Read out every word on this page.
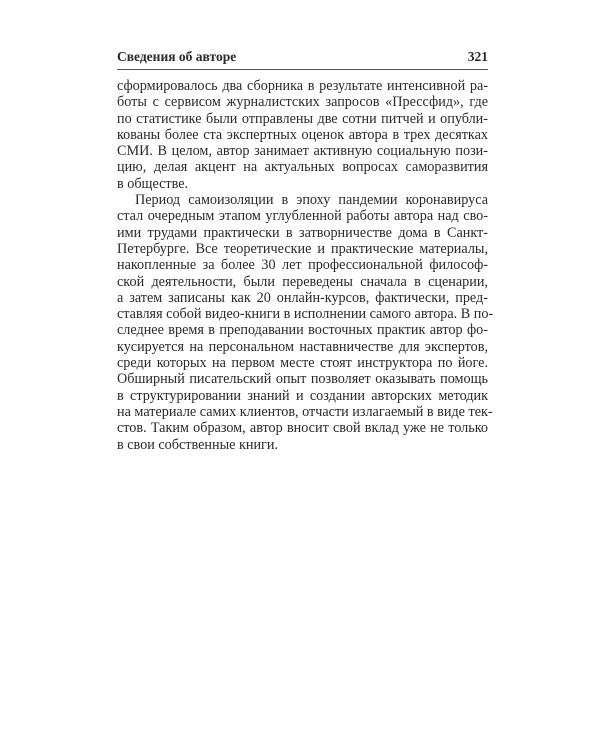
Сведения об авторе	321
сформировалось два сборника в результате интенсивной ра-
боты с сервисом журналистских запросов «Прессфид», где
по статистике были отправлены две сотни питчей и опубли-
кованы более ста экспертных оценок автора в трех десятках
СМИ. В целом, автор занимает активную социальную пози-
цию, делая акцент на актуальных вопросах саморазвития
в обществе.
Период самоизоляции в эпоху пандемии коронавируса
стал очередным этапом углубленной работы автора над сво-
ими трудами практически в затворничестве дома в Санкт-
Петербурге. Все теоретические и практические материалы,
накопленные за более 30 лет профессиональной философ-
ской деятельности, были переведены сначала в сценарии,
а затем записаны как 20 онлайн-курсов, фактически, пред-
ставляя собой видео-книги в исполнении самого автора. В по-
следнее время в преподавании восточных практик автор фо-
кусируется на персональном наставничестве для экспертов,
среди которых на первом месте стоят инструктора по йоге.
Обширный писательский опыт позволяет оказывать помощь
в структурировании знаний и создании авторских методик
на материале самих клиентов, отчасти излагаемый в виде тек-
стов. Таким образом, автор вносит свой вклад уже не только
в свои собственные книги.
